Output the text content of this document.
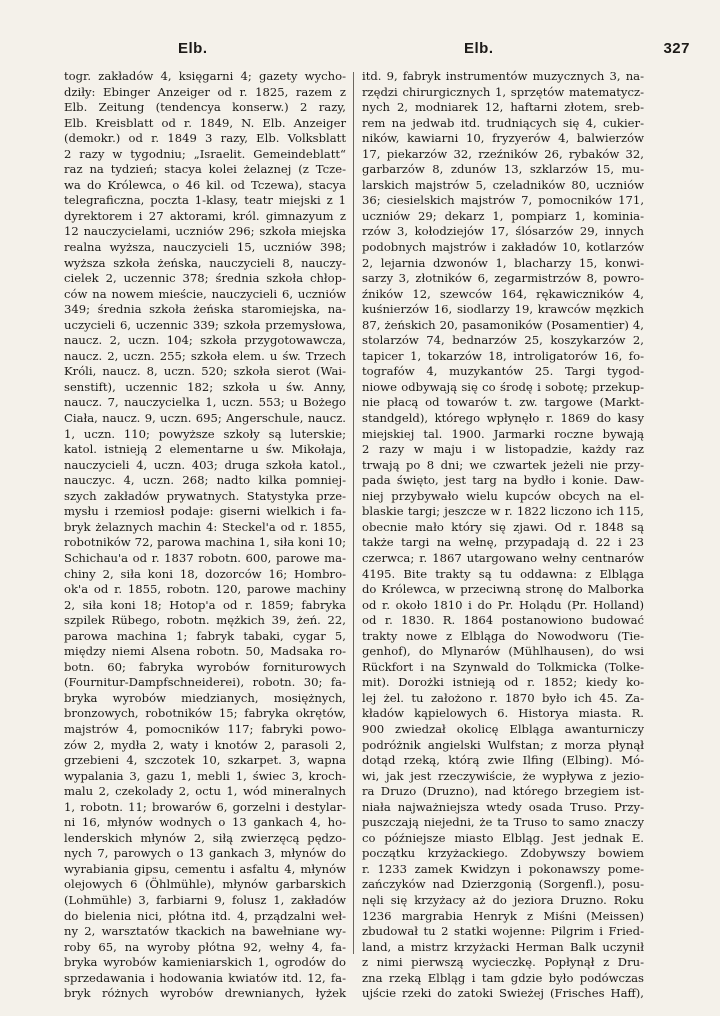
Elb.	Elb.	327
togr. zakładów 4, księgarni 4; gazety wycho-
dziły: Ebinger Anzeiger od r. 1825, razem z
Elb. Zeitung (tendencya konserw.) 2 razy,
Elb. Kreisblatt od r. 1849, N. Elb. Anzeiger
(demokr.) od r. 1849 3 razy, Elb. Volksblatt
2 razy w tygodniu; „Israelit. Gemeindeblatt“
raz na tydzień; stacya kolei żelaznej (z Tcze-
wa do Królewca, o 46 kil. od Tczewa), stacya
telegraficzna, poczta 1-klasy, teatr miejski z 1
dyrektorem i 27 aktorami, król. gimnazyum z
12 nauczycielami, uczniów 296; szkoła miejska
realna wyższa, nauczycieli 15, uczniów 398;
wyższa szkoła żeńska, nauczycieli 8, nauczy-
cielek 2, uczennic 378; średnia szkoła chłop-
ców na nowem mieście, nauczycieli 6, uczniów
349; średnia szkoła żeńska staromiejska, na-
uczycieli 6, uczennic 339; szkoła przemysłowa,
naucz. 2, uczn. 104; szkoła przygotowawcza,
naucz. 2, uczn. 255; szkoła elem. u św. Trzech
Króli, naucz. 8, uczn. 520; szkoła sierot (Wai-
senstift), uczennic 182; szkoła u św. Anny,
naucz. 7, nauczycielka 1, uczn. 553; u Bożego
Ciała, naucz. 9, uczn. 695; Angerschule, naucz.
1, uczn. 110; powyższe szkoły są luterskie;
katol. istnieją 2 elementarne u św. Mikołaja,
nauczycieli 4, uczn. 403; druga szkoła katol.,
nauczyc. 4, uczn. 268; nadto kilka pomniej-
szych zakładów prywatnych. Statystyka prze-
mysłu i rzemiosł podaje: giserni wielkich i fa-
bryk żelaznych machin 4: Steckel'a od r. 1855,
robotników 72, parowa machina 1, siła koni 10;
Schichau'a od r. 1837 robotn. 600, parowe ma-
chiny 2, siła koni 18, dozorców 16; Hombro-
ok'a od r. 1855, robotn. 120, parowe machiny
2, siła koni 18; Hotop'a od r. 1859; fabryka
szpilek Rübego, robotn. mężkich 39, żeń. 22,
parowa machina 1; fabryk tabaki, cygar 5,
między niemi Alsena robotn. 50, Madsaka ro-
botn. 60; fabryka wyrobów forniturowych
(Fournitur-Dampfschneiderei), robotn. 30; fa-
bryka wyrobów miedzianych, mosiężnych,
bronzowych, robotników 15; fabryka okrętów,
majstrów 4, pomocników 117; fabryki powo-
zów 2, mydła 2, waty i knotów 2, parasoli 2,
grzebieni 4, szczotek 10, szkarpet. 3, wapna
wypalania 3, gazu 1, mebli 1, świec 3, kroch-
malu 2, czekolady 2, octu 1, wód mineralnych
1, robotn. 11; browarów 6, gorzelni i destylar-
ni 16, młynów wodnych o 13 gankach 4, ho-
lenderskich młynów 2, siłą zwierzęcą pędzo-
nych 7, parowych o 13 gankach 3, młynów do
wyrabiania gipsu, cementu i asfaltu 4, młynów
olejowych 6 (Öhlmühle), młynów garbarskich
(Lohmühle) 3, farbiarni 9, folusz 1, zakładów
do bielenia nici, płótna itd. 4, prządzalni weł-
ny 2, warsztatów tkackich na bawełniane wy-
roby 65, na wyroby płótna 92, wełny 4, fa-
bryka wyrobów kamieniarskich 1, ogrodów do
sprzedawania i hodowania kwiatów itd. 12, fa-
bryk różnych wyrobów drewnianych, łyżek
itd. 9, fabryk instrumentów muzycznych 3, na-
rzędzi chirurgicznych 1, sprzętów matematycz-
nych 2, modniarek 12, haftarni złotem, sreb-
rem na jedwab itd. trudniących się 4, cukier-
ników, kawiarni 10, fryzyerów 4, balwierzów
17, piekarzów 32, rzeźników 26, rybaków 32,
garbarzów 8, zdunów 13, szklarzów 15, mu-
larskich majstrów 5, czeladników 80, uczniów
36; ciesielskich majstrów 7, pomocników 171,
uczniów 29; dekarz 1, pompiarz 1, kominia-
rzów 3, kołodziejów 17, ślósarzów 29, innych
podobnych majstrów i zakładów 10, kotlarzów
2, lejarnia dzwonów 1, blacharzy 15, konwi-
sarzy 3, złotników 6, zegarmistrzów 8, powro-
źników 12, szewców 164, rękawiczników 4,
kuśnierzów 16, siodlarzy 19, krawców męzkich
87, żeńskich 20, pasamoników (Posamentier) 4,
stolarzów 74, bednarzów 25, koszykarzów 2,
tapicer 1, tokarzów 18, introligatorów 16, fo-
tografów 4, muzykantów 25. Targi tygod-
niowe odbywają się co środę i sobotę; przekup-
nie płacą od towarów t. zw. targowe (Markt-
standgeld), którego wpłynęło r. 1869 do kasy
miejskiej tal. 1900. Jarmarki roczne bywają
2 razy w maju i w listopadzie, każdy raz
trwają po 8 dni; we czwartek jeżeli nie przy-
pada święto, jest targ na bydło i konie. Daw-
niej przybywało wielu kupców obcych na el-
blaskie targi; jeszcze w r. 1822 liczono ich 115,
obecnie mało który się zjawi. Od r. 1848 są
także targi na wełnę, przypadają d. 22 i 23
czerwca; r. 1867 utargowano wełny centnarów
4195. Bite trakty są tu oddawna: z Elbląga
do Królewca, w przeciwną stronę do Malborka
od r. około 1810 i do Pr. Holądu (Pr. Holland)
od r. 1830. R. 1864 postanowiono budować
trakty nowe z Elbląga do Nowodworu (Tie-
genhof), do Mlynarów (Mühlhausen), do wsi
Rückfort i na Szynwald do Tolkmicka (Tolke-
mit). Dorożki istnieją od r. 1852; kiedy ko-
lej żel. tu założono r. 1870 było ich 45. Za-
kładów kąpielowych 6. Historya miasta. R.
900 zwiedzał okolicę Elbląga awanturniczy
podróżnik angielski Wulfstan; z morza płynął
dotąd rzeką, którą zwie Ilfing (Elbing). Mó-
wi, jak jest rzeczywiście, że wypływa z jezio-
ra Druzo (Druzno), nad którego brzegiem ist-
niała najważniejsza wtedy osada Truso. Przy-
puszczają niejedni, że ta Truso to samo znaczy
co późniejsze miasto Elbląg. Jest jednak E.
początku krzyżackiego. Zdobywszy bowiem
r. 1233 zamek Kwidzyn i pokonawszy pome-
zańczyków nad Dzierzgonią (Sorgenfl.), posu-
nęli się krzyżacy aż do jeziora Druzno. Roku
1236 margrabia Henryk z Miśni (Meissen)
zbudował tu 2 statki wojenne: Pilgrim i Fried-
land, a mistrz krzyżacki Herman Balk uczynił
z nimi pierwszą wycieczkę. Popłynął z Dru-
zna rzeką Elbląg i tam gdzie było podówczas
ujście rzeki do zatoki Swieżej (Frisches Haff),
